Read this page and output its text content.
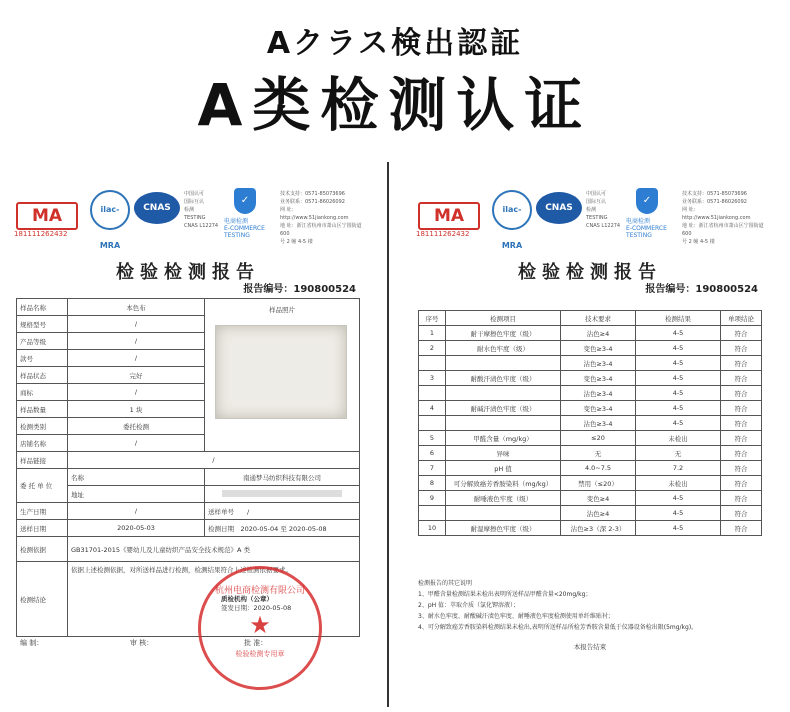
Aクラス検出認証
A类检测认证
MA
181111262432
ilac-MRA
CNAS
中国认可
国际互认
检测
TESTING
CNAS L12274
✓
电商检测
E-COMMERCE TESTING
技术支持：0571-85073696
业务联系：0571-86026092
网 址：http://www.51jiankong.com
地 址：浙江省杭州市萧山区宁围街道 600
号 2 幢 4-5 楼
检验检测报告
报告编号：190800524
样品名称	本色布	样品照片

规格型号	/	
产品等级	/	
款号	/	
样品状态	完好	
商标	/	
样品数量	1 块	
检测类别	委托检测	
店铺名称	/	
样品链接	/	
委 托 单 位	名称	南通梦马纺织科技有限公司
	地址	
生产日期	/	送样单号　　 /
送样日期	2020-05-03	检测日期　 2020-05-04 至 2020-05-08
检测依据	GB31701-2015《婴幼儿及儿童纺织产品安全技术规范》A 类	
检测结论	依据上述检测依据，对所送样品进行检测，检测结果符合上述检测依据要求。
质检机构（公章）
签发日期：2020-05-08	
杭州电商检测有限公司
★
检验检测专用章
编 制：	审 核：	批 准：
MA
181111262432
ilac-MRA
CNAS
中国认可
国际互认
检测
TESTING
CNAS L12274
✓
电商检测
E-COMMERCE TESTING
技术支持：0571-85073696
业务联系：0571-86026092
网 址：http://www.51jiankong.com
地 址：浙江省杭州市萧山区宁围街道 600
号 2 幢 4-5 楼
检验检测报告
报告编号：190800524
序号	检测项目	技术要求	检测结果	单项结论
1	耐干摩擦色牢度（级）	沾色≥4	4-5	符合
2	耐水色牢度（级）	变色≥3-4	4-5	符合
		沾色≥3-4	4-5	符合
3	耐酸汗渍色牢度（级）	变色≥3-4	4-5	符合
		沾色≥3-4	4-5	符合
4	耐碱汗渍色牢度（级）	变色≥3-4	4-5	符合
		沾色≥3-4	4-5	符合
5	甲醛含量（mg/kg）	≤20	未检出	符合
6	异味	无	无	符合
7	pH 值	4.0~7.5	7.2	符合
8	可分解致癌芳香胺染料（mg/kg）	禁用（≤20）	未检出	符合
9	耐唾液色牢度（级）	变色≥4	4-5	符合
		沾色≥4	4-5	符合
10	耐湿摩擦色牢度（级）	沾色≥3（深 2-3）	4-5	符合
检测报告的其它说明
1、甲醛含量检测结果未检出表明所送样品甲醛含量<20mg/kg；
2、pH 值：萃取介质（氯化钾溶液）；
3、耐水色牢度、耐酸碱汗渍色牢度、耐唾液色牢度检测使用单纤维贴衬；
4、可分解致癌芳香胺染料检测结果未检出,表明所送样品所检芳香胺含量低于仪器设备检出限(5mg/kg)。
本报告结束
